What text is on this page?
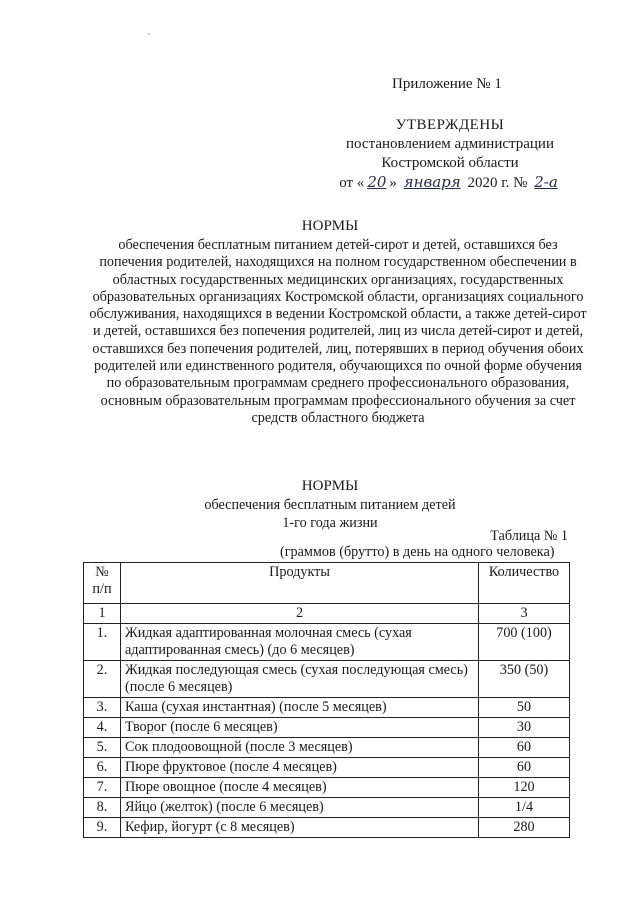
Приложение № 1
УТВЕРЖДЕНЫ
постановлением администрации
Костромской области
от « 20 » января 2020 г. № 2-а
НОРМЫ
обеспечения бесплатным питанием детей-сирот и детей, оставшихся без попечения родителей, находящихся на полном государственном обеспечении в областных государственных медицинских организациях, государственных образовательных организациях Костромской области, организациях социального обслуживания, находящихся в ведении Костромской области, а также детей-сирот и детей, оставшихся без попечения родителей, лиц из числа детей-сирот и детей, оставшихся без попечения родителей, лиц, потерявших в период обучения обоих родителей или единственного родителя, обучающихся по очной форме обучения по образовательным программам среднего профессионального образования, основным образовательным программам профессионального обучения за счет средств областного бюджета
НОРМЫ
обеспечения бесплатным питанием детей
1-го года жизни
Таблица № 1
(граммов (брутто) в день на одного человека)
№ п/п	Продукты	Количество
1	2	3
1.	Жидкая адаптированная молочная смесь (сухая адаптированная смесь) (до 6 месяцев)	700 (100)
2.	Жидкая последующая смесь (сухая последующая смесь) (после 6 месяцев)	350 (50)
3.	Каша (сухая инстантная) (после 5 месяцев)	50
4.	Творог (после 6 месяцев)	30
5.	Сок плодоовощной (после 3 месяцев)	60
6.	Пюре фруктовое (после 4 месяцев)	60
7.	Пюре овощное (после 4 месяцев)	120
8.	Яйцо (желток) (после 6 месяцев)	1/4
9.	Кефир, йогурт (с 8 месяцев)	280
